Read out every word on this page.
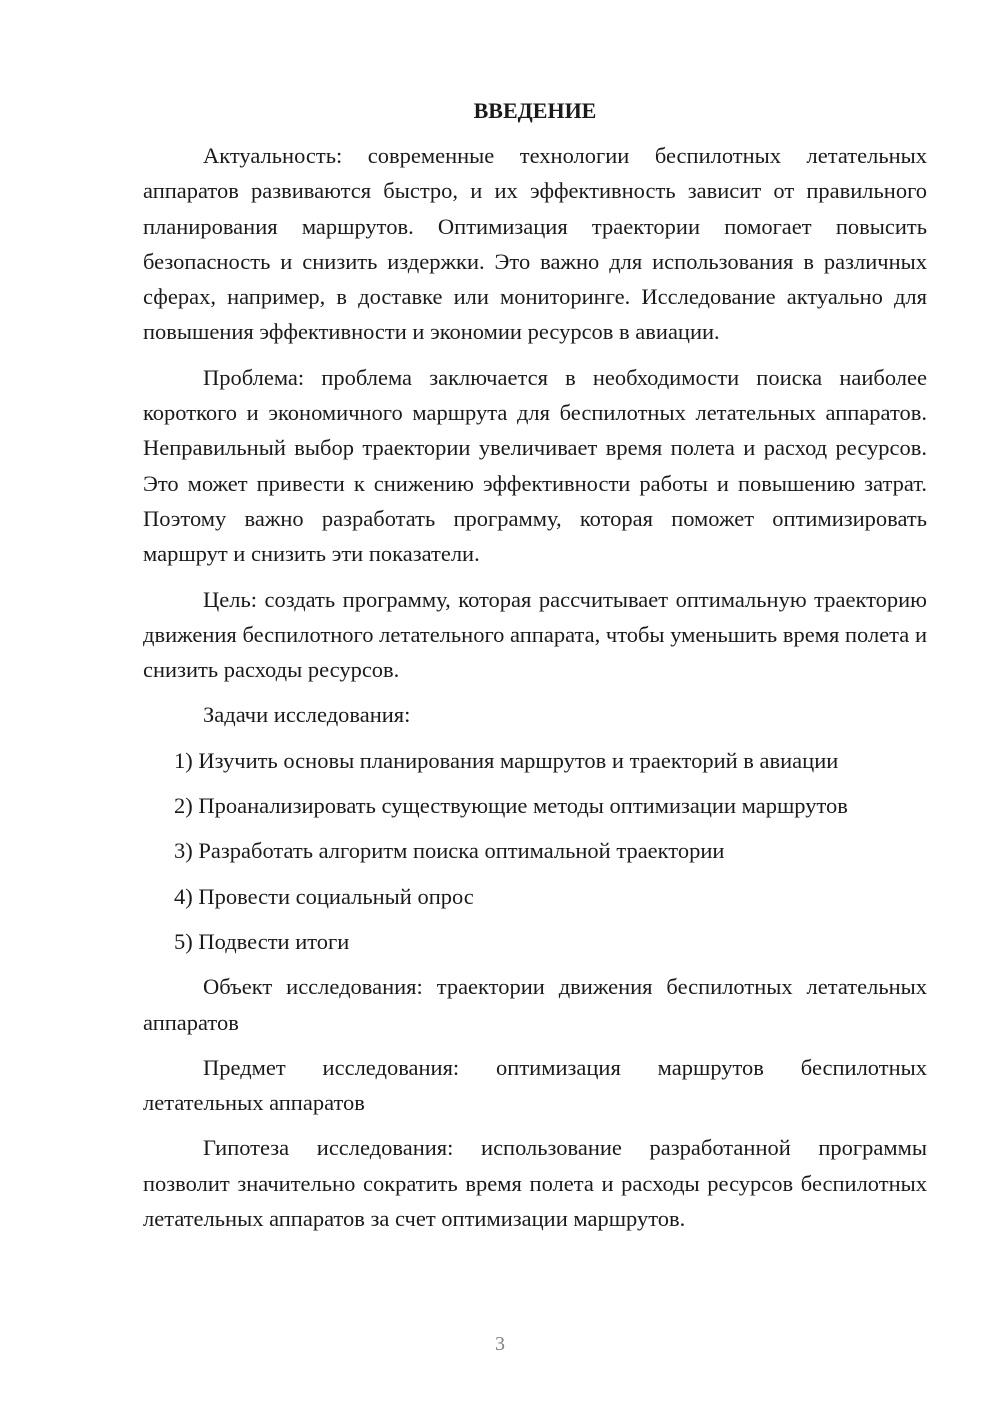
ВВЕДЕНИЕ

Актуальность: современные технологии беспилотных летательных аппаратов развиваются быстро, и их эффективность зависит от правильного планирования маршрутов. Оптимизация траектории помогает повысить безопасность и снизить издержки. Это важно для использования в различных сферах, например, в доставке или мониторинге. Исследование актуально для повышения эффективности и экономии ресурсов в авиации.

Проблема: проблема заключается в необходимости поиска наиболее короткого и экономичного маршрута для беспилотных летательных аппаратов. Неправильный выбор траектории увеличивает время полета и расход ресурсов. Это может привести к снижению эффективности работы и повышению затрат. Поэтому важно разработать программу, которая поможет оптимизировать маршрут и снизить эти показатели.

Цель: создать программу, которая рассчитывает оптимальную траекторию движения беспилотного летательного аппарата, чтобы уменьшить время полета и снизить расходы ресурсов.

Задачи исследования:

1) Изучить основы планирования маршрутов и траекторий в авиации
2) Проанализировать существующие методы оптимизации маршрутов
3) Разработать алгоритм поиска оптимальной траектории
4) Провести социальный опрос
5) Подвести итоги

Объект исследования: траектории движения беспилотных летательных аппаратов

Предмет исследования: оптимизация маршрутов беспилотных летательных аппаратов

Гипотеза исследования: использование разработанной программы позволит значительно сократить время полета и расходы ресурсов беспилотных летательных аппаратов за счет оптимизации маршрутов.

3
